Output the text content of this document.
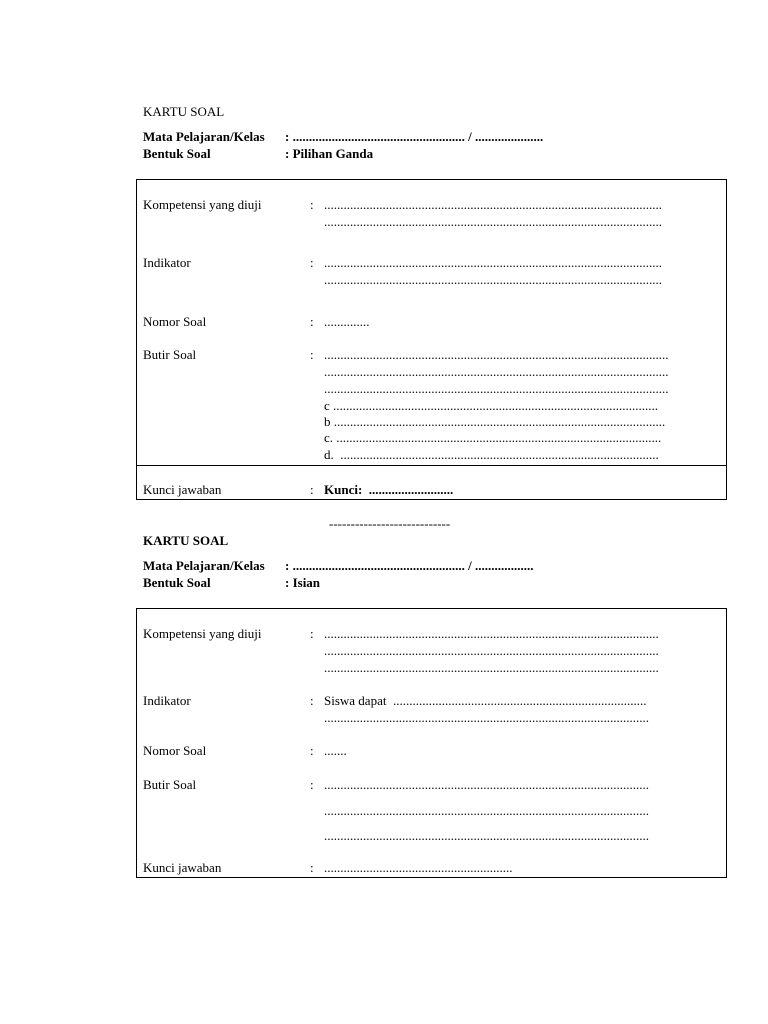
KARTU SOAL
Mata Pelajaran/Kelas : ..................................................... / .....................
Bentuk Soal	: Pilihan Ganda
Kompetensi yang diuji	: ........................................................................................................
........................................................................................................
Indikator	: ........................................................................................................
........................................................................................................
Nomor Soal	: ..............
Butir Soal	: ..........................................................................................................
..........................................................................................................
..........................................................................................................
c ....................................................................................................
b ......................................................................................................
c. ....................................................................................................
d.  ..................................................................................................
Kunci jawaban	: Kunci:  ..........................
----------------------------
KARTU SOAL
Mata Pelajaran/Kelas : ..................................................... / ..................
Bentuk Soal	: Isian
Kompetensi yang diuji	: .......................................................................................................
.......................................................................................................
.......................................................................................................
Indikator	: Siswa dapat  ..............................................................................
....................................................................................................
Nomor Soal	: .......
Butir Soal	: ....................................................................................................
....................................................................................................
....................................................................................................
Kunci jawaban	: ..........................................................
